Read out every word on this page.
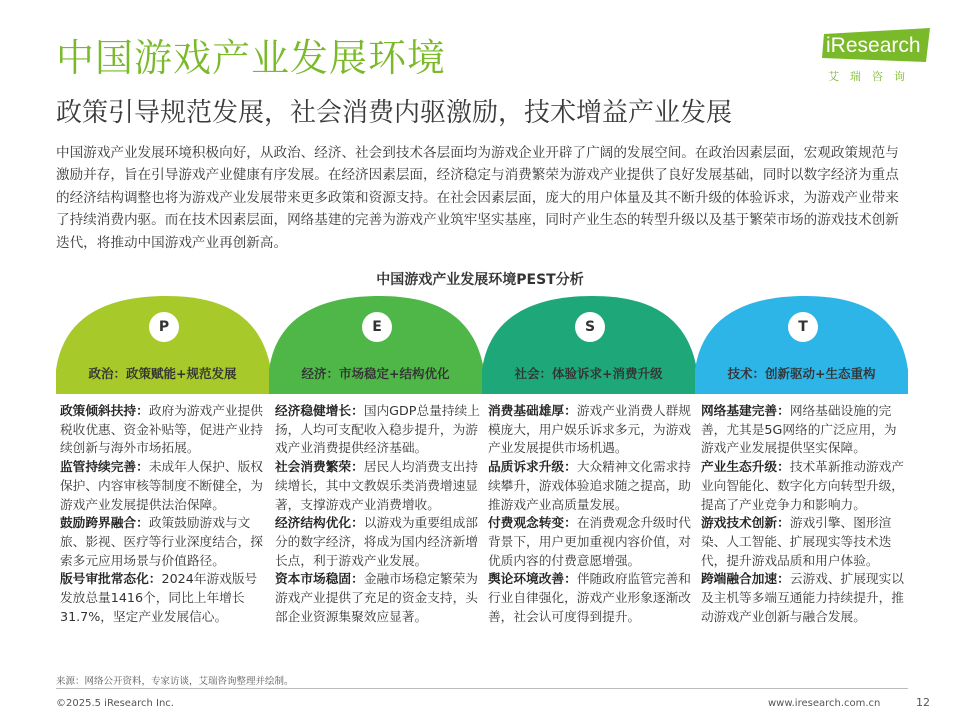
中国游戏产业发展环境
政策引导规范发展，社会消费内驱激励，技术增益产业发展
iResearch
艾瑞咨询

中国游戏产业发展环境积极向好，从政治、经济、社会到技术各层面均为游戏企业开辟了广阔的发展空间。在政治因素层面，宏观政策规范与激励并存，旨在引导游戏产业健康有序发展。在经济因素层面，经济稳定与消费繁荣为游戏产业提供了良好发展基础，同时以数字经济为重点的经济结构调整也将为游戏产业发展带来更多政策和资源支持。在社会因素层面，庞大的用户体量及其不断升级的体验诉求，为游戏产业带来了持续消费内驱。而在技术因素层面，网络基建的完善为游戏产业筑牢坚实基座，同时产业生态的转型升级以及基于繁荣市场的游戏技术创新迭代，将推动中国游戏产业再创新高。

中国游戏产业发展环境PEST分析

P	E	S	T
政治：政策赋能+规范发展	经济：市场稳定+结构优化	社会：体验诉求+消费升级	技术：创新驱动+生态重构

政策倾斜扶持：政府为游戏产业提供税收优惠、资金补贴等，促进产业持续创新与海外市场拓展。

监管持续完善：未成年人保护、版权保护、内容审核等制度不断健全，为游戏产业发展提供法治保障。

鼓励跨界融合：政策鼓励游戏与文旅、影视、医疗等行业深度结合，探索多元应用场景与价值路径。

版号审批常态化：2024年游戏版号发放总量1416个，同比上年增长31.7%，坚定产业发展信心。

经济稳健增长：国内GDP总量持续上扬，人均可支配收入稳步提升，为游戏产业消费提供经济基础。

社会消费繁荣：居民人均消费支出持续增长，其中文教娱乐类消费增速显著，支撑游戏产业消费增收。

经济结构优化：以游戏为重要组成部分的数字经济，将成为国内经济新增长点，利于游戏产业发展。

资本市场稳固：金融市场稳定繁荣为游戏产业提供了充足的资金支持，头部企业资源集聚效应显著。

消费基础雄厚：游戏产业消费人群规模庞大，用户娱乐诉求多元，为游戏产业发展提供市场机遇。

品质诉求升级：大众精神文化需求持续攀升，游戏体验追求随之提高，助推游戏产业高质量发展。

付费观念转变：在消费观念升级时代背景下，用户更加重视内容价值，对优质内容的付费意愿增强。

舆论环境改善：伴随政府监管完善和行业自律强化，游戏产业形象逐渐改善，社会认可度得到提升。

网络基建完善：网络基础设施的完善，尤其是5G网络的广泛应用，为游戏产业发展提供坚实保障。

产业生态升级：技术革新推动游戏产业向智能化、数字化方向转型升级，提高了产业竞争力和影响力。

游戏技术创新：游戏引擎、图形渲染、人工智能、扩展现实等技术迭代，提升游戏品质和用户体验。

跨端融合加速：云游戏、扩展现实以及主机等多端互通能力持续提升，推动游戏产业创新与融合发展。

来源：网络公开资料，专家访谈，艾瑞咨询整理并绘制。

©2025.5 iResearch Inc.	www.iresearch.com.cn	12
